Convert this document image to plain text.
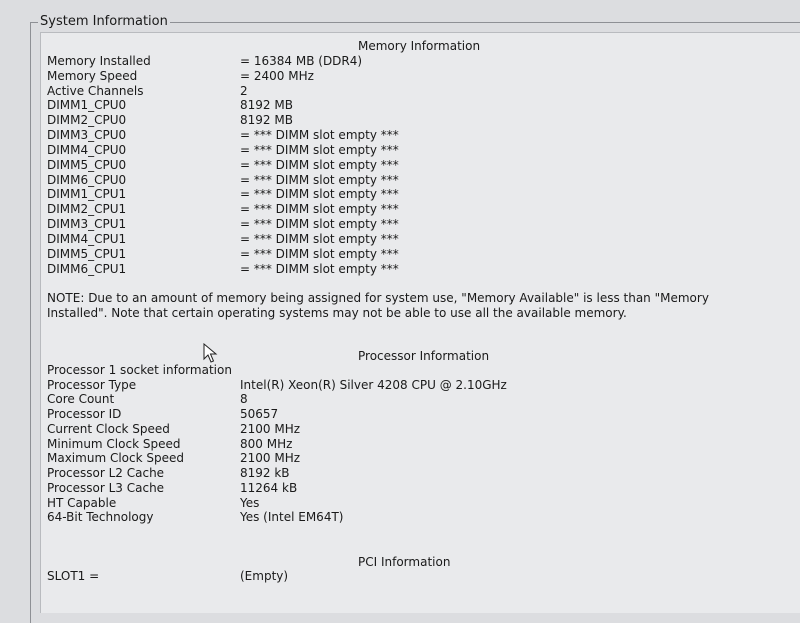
System Information
Memory Information
Memory Installed	= 16384 MB (DDR4)
Memory Speed	= 2400 MHz
Active Channels	2
DIMM1_CPU0	8192 MB
DIMM2_CPU0	8192 MB
DIMM3_CPU0	= *** DIMM slot empty ***
DIMM4_CPU0	= *** DIMM slot empty ***
DIMM5_CPU0	= *** DIMM slot empty ***
DIMM6_CPU0	= *** DIMM slot empty ***
DIMM1_CPU1	= *** DIMM slot empty ***
DIMM2_CPU1	= *** DIMM slot empty ***
DIMM3_CPU1	= *** DIMM slot empty ***
DIMM4_CPU1	= *** DIMM slot empty ***
DIMM5_CPU1	= *** DIMM slot empty ***
DIMM6_CPU1	= *** DIMM slot empty ***
NOTE: Due to an amount of memory being assigned for system use, "Memory Available" is less than "Memory Installed". Note that certain operating systems may not be able to use all the available memory.
Processor Information
Processor 1 socket information
Processor Type	Intel(R) Xeon(R) Silver 4208 CPU @ 2.10GHz
Core Count	8
Processor ID	50657
Current Clock Speed	2100 MHz
Minimum Clock Speed	800 MHz
Maximum Clock Speed	2100 MHz
Processor L2 Cache	8192 kB
Processor L3 Cache	11264 kB
HT Capable	Yes
64-Bit Technology	Yes (Intel EM64T)
PCI Information
SLOT1 =	(Empty)
